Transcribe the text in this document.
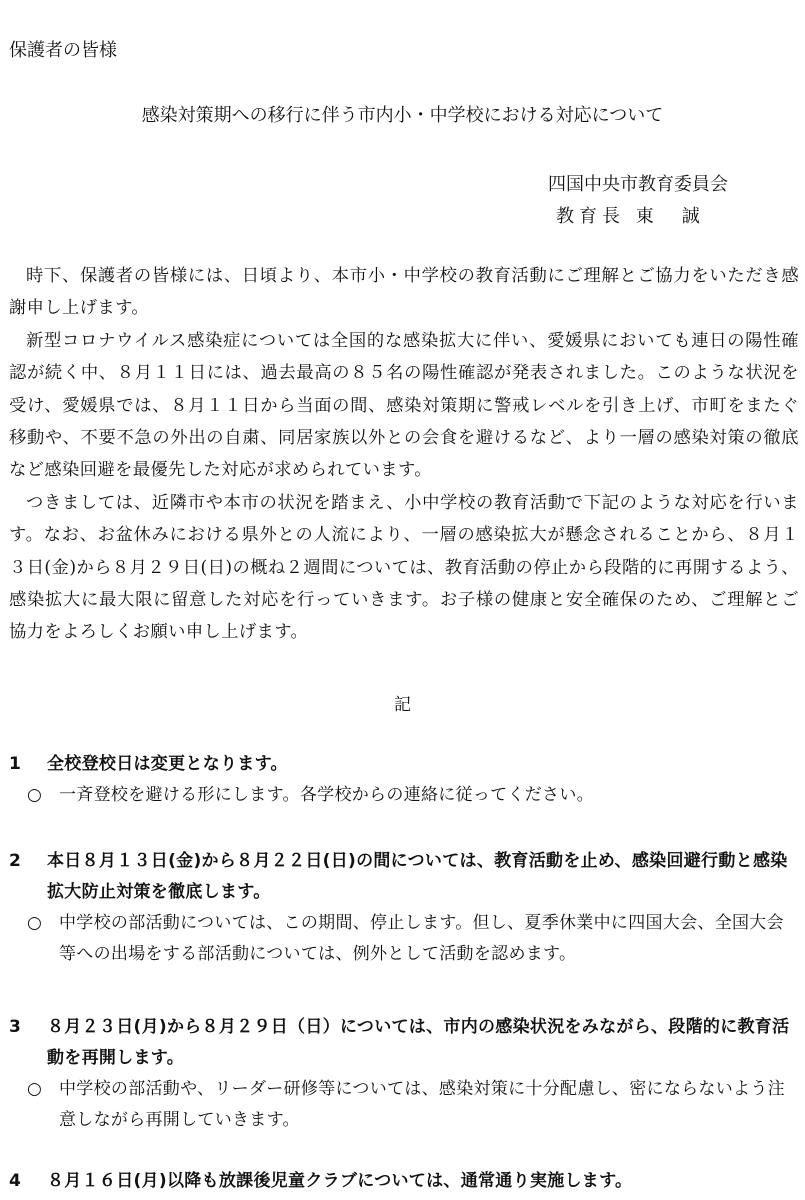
保護者の皆様
感染対策期への移行に伴う市内小・中学校における対応について
四国中央市教育委員会
教育長 東　誠

時下、保護者の皆様には、日頃より、本市小・中学校の教育活動にご理解とご協力をいただき感謝申し上げます。

新型コロナウイルス感染症については全国的な感染拡大に伴い、愛媛県においても連日の陽性確認が続く中、８月１１日には、過去最高の８５名の陽性確認が発表されました。このような状況を受け、愛媛県では、８月１１日から当面の間、感染対策期に警戒レベルを引き上げ、市町をまたぐ移動や、不要不急の外出の自粛、同居家族以外との会食を避けるなど、より一層の感染対策の徹底など感染回避を最優先した対応が求められています。

つきましては、近隣市や本市の状況を踏まえ、小中学校の教育活動で下記のような対応を行います。なお、お盆休みにおける県外との人流により、一層の感染拡大が懸念されることから、８月１３日(金)から８月２９日(日)の概ね２週間については、教育活動の停止から段階的に再開するよう、感染拡大に最大限に留意した対応を行っていきます。お子様の健康と安全確保のため、ご理解とご協力をよろしくお願い申し上げます。

記
1	全校登校日は変更となります。
○	一斉登校を避ける形にします。各学校からの連絡に従ってください。
2	本日８月１３日(金)から８月２２日(日)の間については、教育活動を止め、感染回避行動と感染拡大防止対策を徹底します。
○	中学校の部活動については、この期間、停止します。但し、夏季休業中に四国大会、全国大会等への出場をする部活動については、例外として活動を認めます。
3	８月２３日(月)から８月２９日（日）については、市内の感染状況をみながら、段階的に教育活動を再開します。
○	中学校の部活動や、リーダー研修等については、感染対策に十分配慮し、密にならないよう注意しながら再開していきます。
4	８月１６日(月)以降も放課後児童クラブについては、通常通り実施します。
